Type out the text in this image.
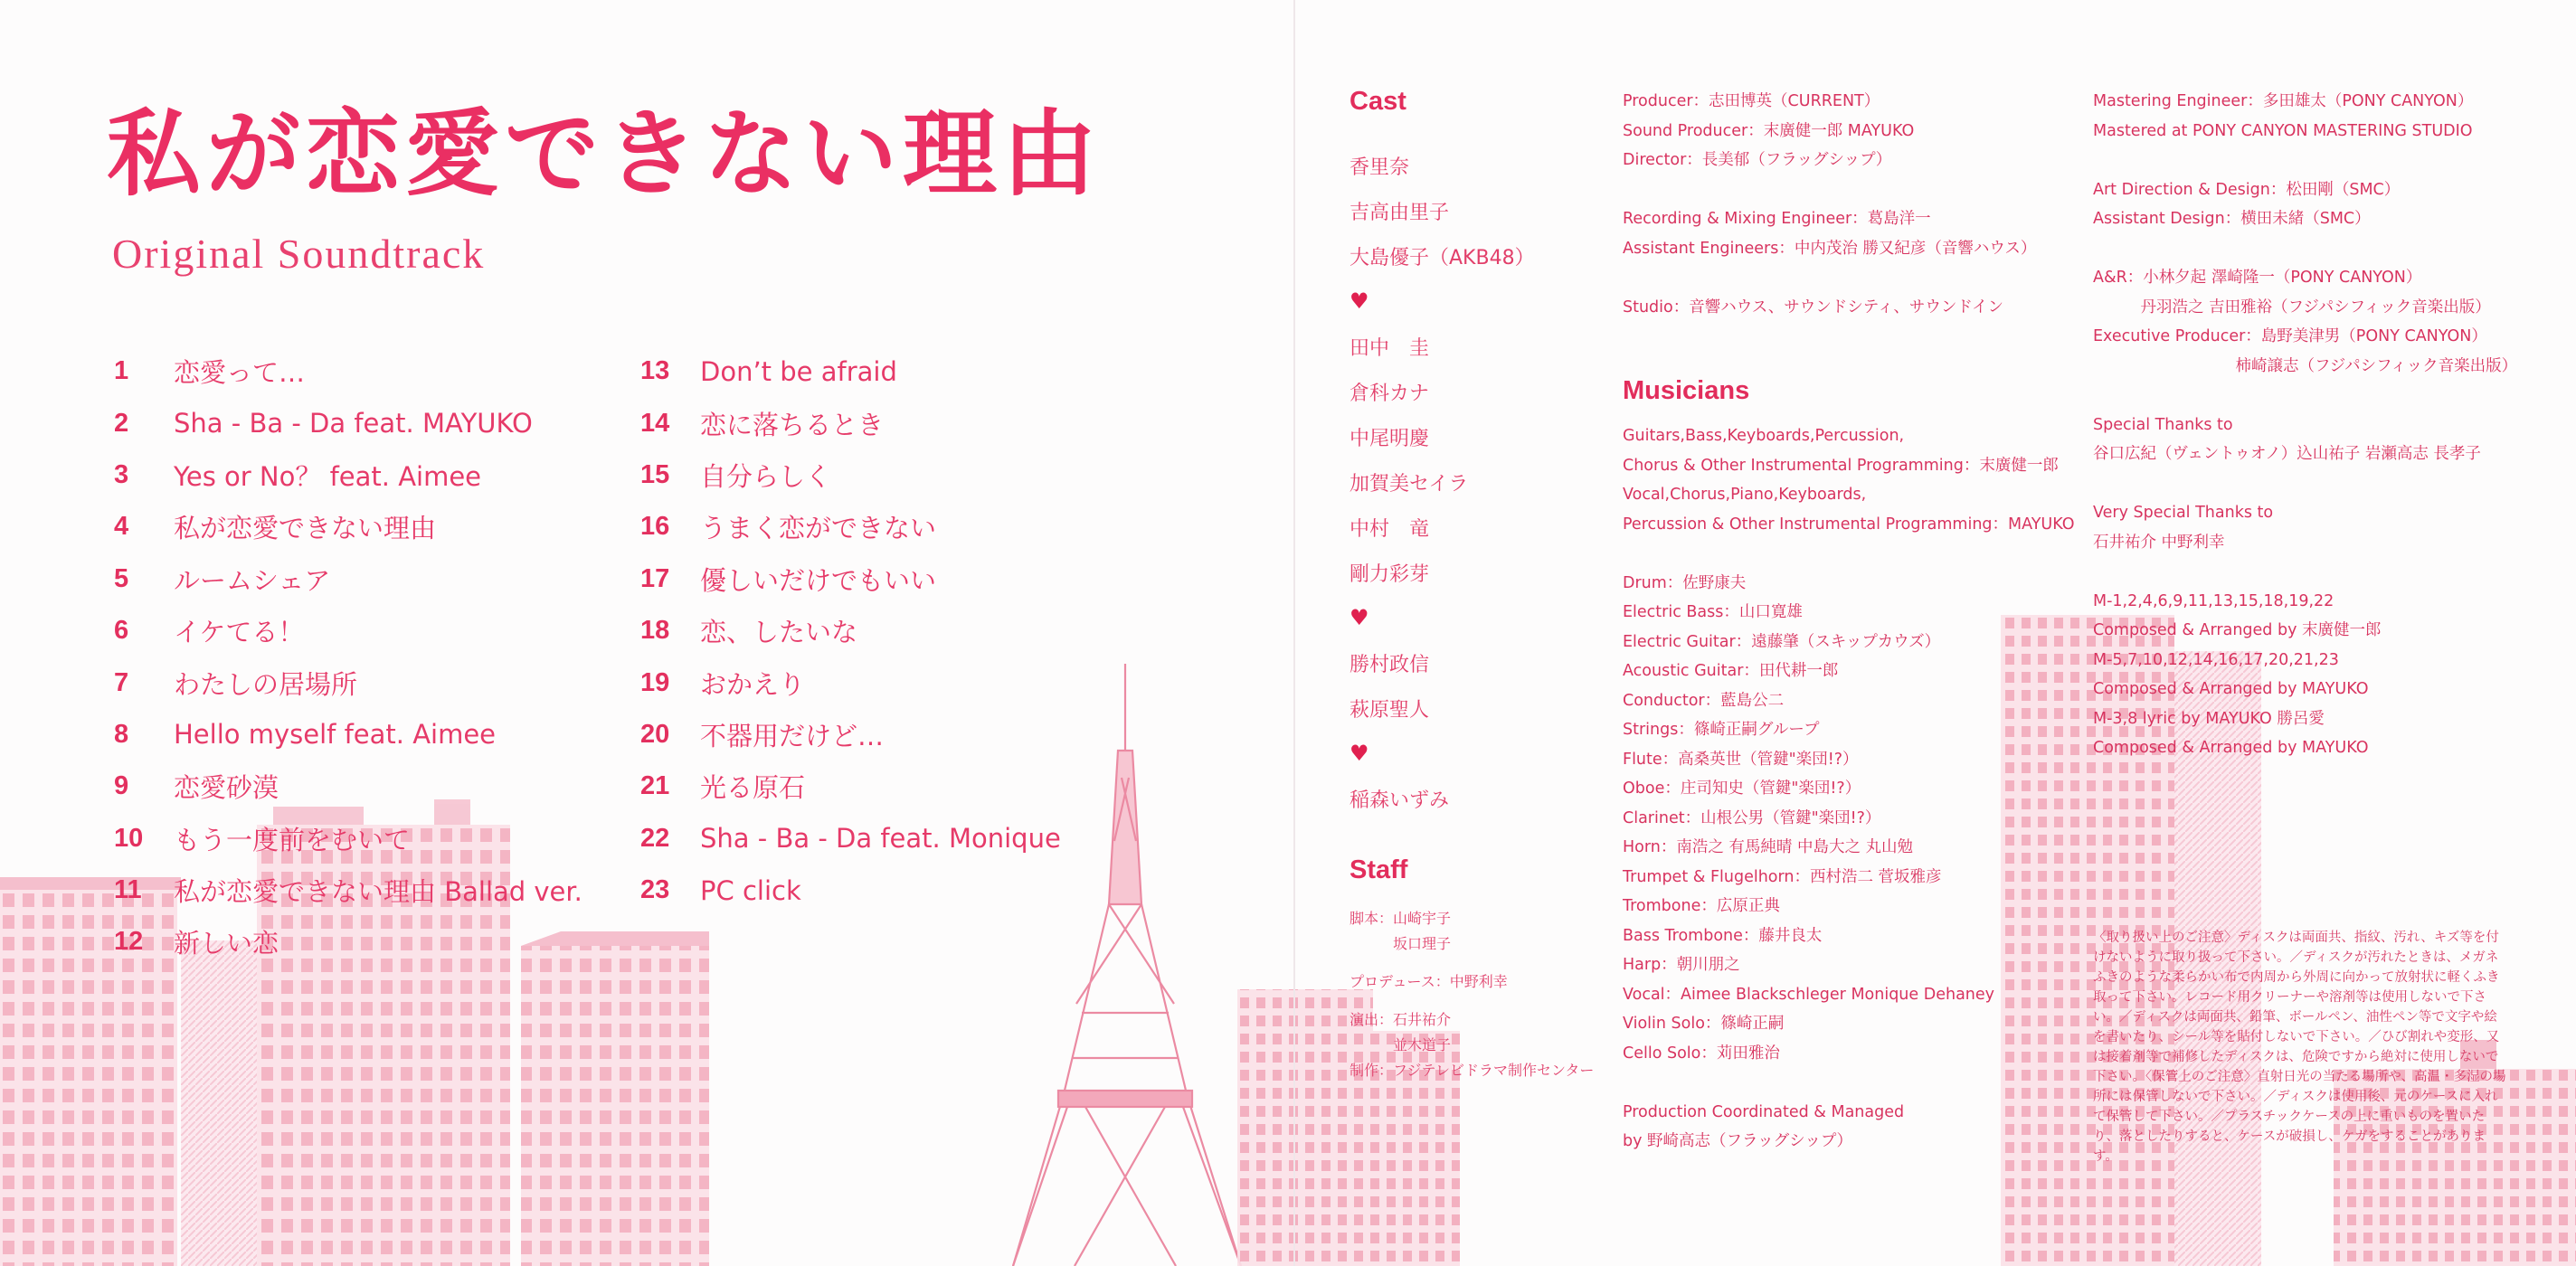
私が恋愛できない理由
Original Soundtrack
1	恋愛って…
2	Sha - Ba - Da feat. MAYUKO
3	Yes or No？ feat. Aimee
4	私が恋愛できない理由
5	ルームシェア
6	イケてる！
7	わたしの居場所
8	Hello myself feat. Aimee
9	恋愛砂漠
10	もう一度前をむいて
11	私が恋愛できない理由 Ballad ver.
12	新しい恋
13	Don’t be afraid
14	恋に落ちるとき
15	自分らしく
16	うまく恋ができない
17	優しいだけでもいい
18	恋、したいな
19	おかえり
20	不器用だけど…
21	光る原石
22	Sha - Ba - Da feat. Monique
23	PC click
Cast
香里奈
吉高由里子
大島優子（AKB48）
♥
田中　圭
倉科カナ
中尾明慶
加賀美セイラ
中村　竜
剛力彩芽
♥
勝村政信
萩原聖人
♥
稲森いずみ
Staff
脚本：山崎宇子
　　　坂口理子
プロデュース：中野利幸
演出：石井祐介
　　　並木道子
制作：フジテレビドラマ制作センター
Producer：志田博英（CURRENT）
Sound Producer：末廣健一郎 MAYUKO
Director：長美郁（フラッグシップ）
Recording & Mixing Engineer：葛島洋一
Assistant Engineers：中内茂治 勝又紀彦（音響ハウス）
Studio：音響ハウス、サウンドシティ、サウンドイン
Musicians
Guitars,Bass,Keyboards,Percussion,
Chorus & Other Instrumental Programming：末廣健一郎
Vocal,Chorus,Piano,Keyboards,
Percussion & Other Instrumental Programming：MAYUKO
Drum：佐野康夫
Electric Bass：山口寛雄
Electric Guitar：遠藤肇（スキップカウズ）
Acoustic Guitar：田代耕一郎
Conductor：藍島公二
Strings：篠崎正嗣グループ
Flute：高桑英世（管鍵"楽団!?）
Oboe：庄司知史（管鍵"楽団!?）
Clarinet：山根公男（管鍵"楽団!?）
Horn：南浩之 有馬純晴 中島大之 丸山勉
Trumpet & Flugelhorn：西村浩二 菅坂雅彦
Trombone：広原正典
Bass Trombone：藤井良太
Harp：朝川朋之
Vocal：Aimee Blackschleger Monique Dehaney
Violin Solo：篠崎正嗣
Cello Solo：苅田雅治
Production Coordinated & Managed
by 野崎高志（フラッグシップ）
Mastering Engineer：多田雄太（PONY CANYON）
Mastered at PONY CANYON MASTERING STUDIO
Art Direction & Design：松田剛（SMC）
Assistant Design：横田未緒（SMC）
A&R：小林夕起 澤崎隆一（PONY CANYON）
　　　丹羽浩之 吉田雅裕（フジパシフィック音楽出版）
Executive Producer：島野美津男（PONY CANYON）
　　　　　　　　　柿崎譲志（フジパシフィック音楽出版）
Special Thanks to
谷口広紀（ヴェントゥオノ）込山祐子 岩瀬高志 長孝子
Very Special Thanks to
石井祐介 中野利幸
M-1,2,4,6,9,11,13,15,18,19,22
Composed & Arranged by 末廣健一郎
M-5,7,10,12,14,16,17,20,21,23
Composed & Arranged by MAYUKO
M-3,8 lyric by MAYUKO 勝呂愛
Composed & Arranged by MAYUKO
〈取り扱い上のご注意〉ディスクは両面共、指紋、汚れ、キズ等を付けないように取り扱って下さい。／ディスクが汚れたときは、メガネふきのような柔らかい布で内周から外周に向かって放射状に軽くふき取って下さい。レコード用クリーナーや溶剤等は使用しないで下さい。／ディスクは両面共、鉛筆、ボールペン、油性ペン等で文字や絵を書いたり、シール等を貼付しないで下さい。／ひび割れや変形、又は接着剤等で補修したディスクは、危険ですから絶対に使用しないで下さい。〈保管上のご注意〉直射日光の当たる場所や、高温・多湿の場所には保管しないで下さい。／ディスクは使用後、元のケースに入れて保管して下さい。／プラスチックケースの上に重いものを置いたり、落としたりすると、ケースが破損し、ケガをすることがあります。
